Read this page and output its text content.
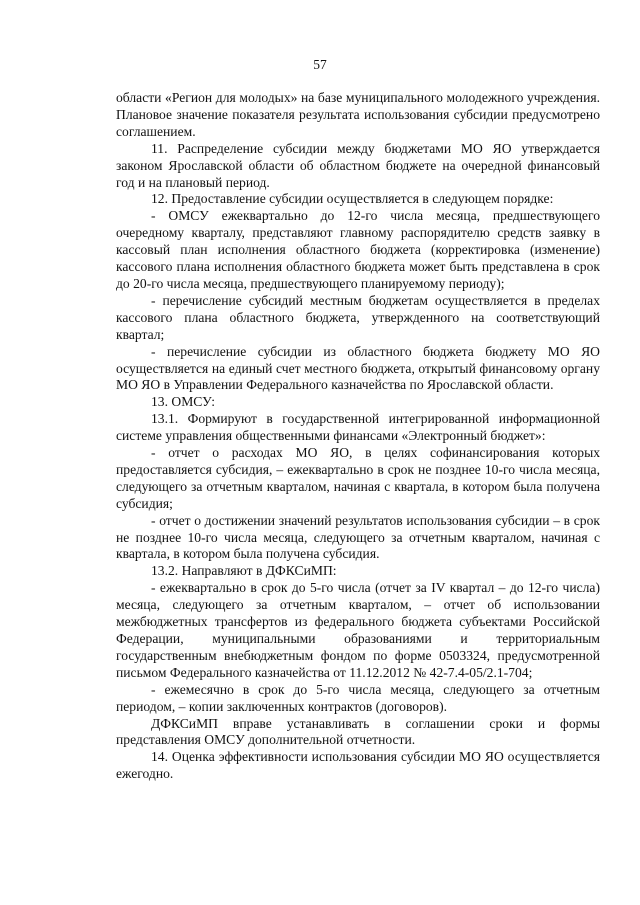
57

области «Регион для молодых» на базе муниципального молодежного учреждения. Плановое значение показателя результата использования субсидии предусмотрено соглашением.

11. Распределение субсидии между бюджетами МО ЯО утверждается законом Ярославской области об областном бюджете на очередной финансовый год и на плановый период.

12. Предоставление субсидии осуществляется в следующем порядке:

- ОМСУ ежеквартально до 12-го числа месяца, предшествующего очередному кварталу, представляют главному распорядителю средств заявку в кассовый план исполнения областного бюджета (корректировка (изменение) кассового плана исполнения областного бюджета может быть представлена в срок до 20-го числа месяца, предшествующего планируемому периоду);

- перечисление субсидий местным бюджетам осуществляется в пределах кассового плана областного бюджета, утвержденного на соответствующий квартал;

- перечисление субсидии из областного бюджета бюджету МО ЯО осуществляется на единый счет местного бюджета, открытый финансовому органу МО ЯО в Управлении Федерального казначейства по Ярославской области.

13. ОМСУ:

13.1. Формируют в государственной интегрированной информационной системе управления общественными финансами «Электронный бюджет»:

- отчет о расходах МО ЯО, в целях софинансирования которых предоставляется субсидия, – ежеквартально в срок не позднее 10-го числа месяца, следующего за отчетным кварталом, начиная с квартала, в котором была получена субсидия;

- отчет о достижении значений результатов использования субсидии – в срок не позднее 10-го числа месяца, следующего за отчетным кварталом, начиная с квартала, в котором была получена субсидия.

13.2. Направляют в ДФКСиМП:

- ежеквартально в срок до 5-го числа (отчет за IV квартал – до 12-го числа) месяца, следующего за отчетным кварталом, – отчет об использовании межбюджетных трансфертов из федерального бюджета субъектами Российской Федерации, муниципальными образованиями и территориальным государственным внебюджетным фондом по форме 0503324, предусмотренной письмом Федерального казначейства от 11.12.2012 № 42-7.4-05/2.1-704;

- ежемесячно в срок до 5-го числа месяца, следующего за отчетным периодом, – копии заключенных контрактов (договоров).

ДФКСиМП вправе устанавливать в соглашении сроки и формы представления ОМСУ дополнительной отчетности.

14. Оценка эффективности использования субсидии МО ЯО осуществляется ежегодно.
